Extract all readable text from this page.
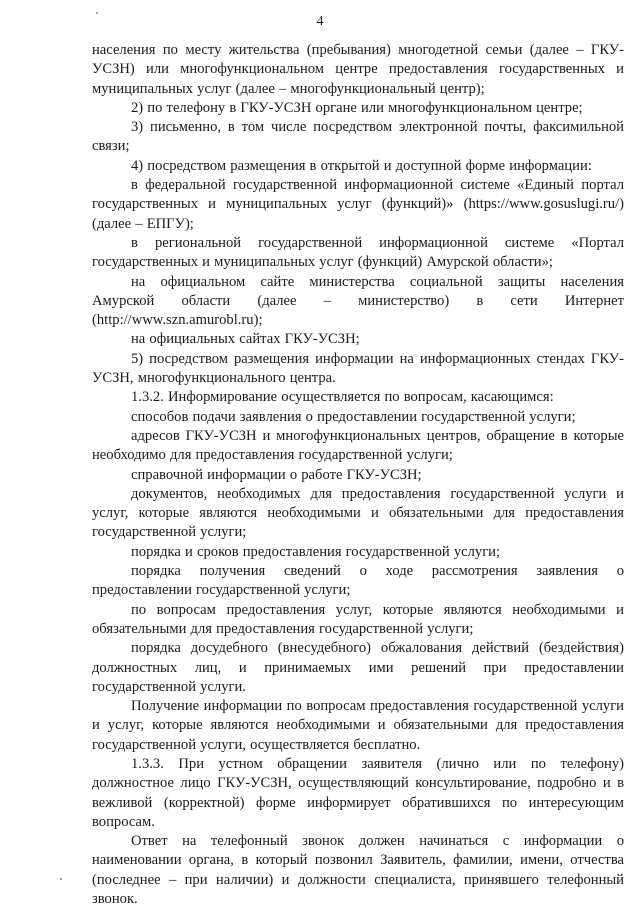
4

населения по месту жительства (пребывания) многодетной семьи (далее – ГКУ-УСЗН) или многофункциональном центре предоставления государственных и муниципальных услуг (далее – многофункциональный центр);

2) по телефону в ГКУ-УСЗН органе или многофункциональном центре;

3) письменно, в том числе посредством электронной почты, факсимильной связи;

4) посредством размещения в открытой и доступной форме информации:

в федеральной государственной информационной системе «Единый портал государственных и муниципальных услуг (функций)» (https://www.gosuslugi.ru/) (далее – ЕПГУ);

в региональной государственной информационной системе «Портал государственных и муниципальных услуг (функций) Амурской области»;

на официальном сайте министерства социальной защиты населения Амурской области (далее – министерство) в сети Интернет (http://www.szn.amurobl.ru);

на официальных сайтах ГКУ-УСЗН;

5) посредством размещения информации на информационных стендах ГКУ-УСЗН, многофункционального центра.

1.3.2. Информирование осуществляется по вопросам, касающимся:

способов подачи заявления о предоставлении государственной услуги;

адресов ГКУ-УСЗН и многофункциональных центров, обращение в которые необходимо для предоставления государственной услуги;

справочной информации о работе ГКУ-УСЗН;

документов, необходимых для предоставления государственной услуги и услуг, которые являются необходимыми и обязательными для предоставления государственной услуги;

порядка и сроков предоставления государственной услуги;

порядка получения сведений о ходе рассмотрения заявления о предоставлении государственной услуги;

по вопросам предоставления услуг, которые являются необходимыми и обязательными для предоставления государственной услуги;

порядка досудебного (внесудебного) обжалования действий (бездействия) должностных лиц, и принимаемых ими решений при предоставлении государственной услуги.

Получение информации по вопросам предоставления государственной услуги и услуг, которые являются необходимыми и обязательными для предоставления государственной услуги, осуществляется бесплатно.

1.3.3. При устном обращении заявителя (лично или по телефону) должностное лицо ГКУ-УСЗН, осуществляющий консультирование, подробно и в вежливой (корректной) форме информирует обратившихся по интересующим вопросам.

Ответ на телефонный звонок должен начинаться с информации о наименовании органа, в который позвонил Заявитель, фамилии, имени, отчества (последнее – при наличии) и должности специалиста, принявшего телефонный звонок.
